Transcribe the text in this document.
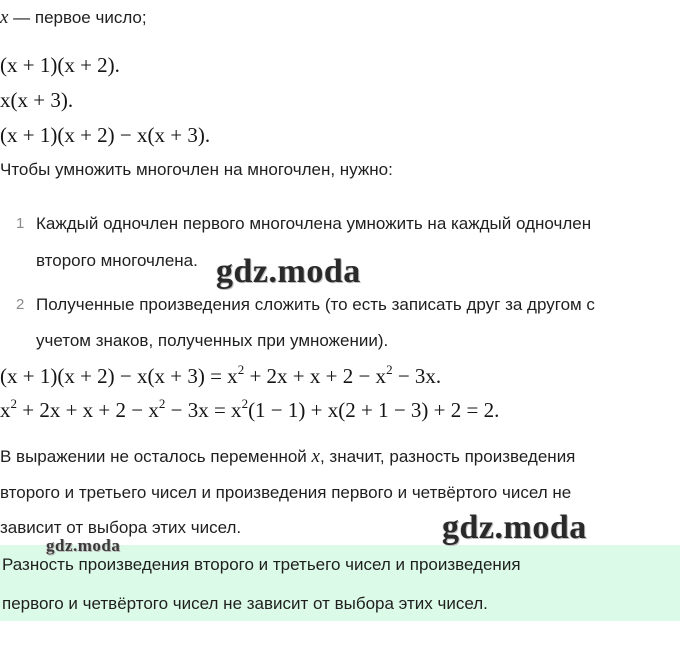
x — первое число;
(x + 1)(x + 2).
x(x + 3).
(x + 1)(x + 2) − x(x + 3).
Чтобы умножить многочлен на многочлен, нужно:
1 Каждый одночлен первого многочлена умножить на каждый одночлен
второго многочлена.
2 Полученные произведения сложить (то есть записать друг за другом с
учетом знаков, полученных при умножении).
$(x + 1)(x + 2) - x(x + 3) = x^2 + 2x + x + 2 - x^2 - 3x$.
$x^2 + 2x + x + 2 - x^2 - 3x = x^2(1 - 1) + x(2 + 1 - 3) + 2 = 2$.
В выражении не осталось переменной x, значит, разность произведения
второго и третьего чисел и произведения первого и четвёртого чисел не
зависит от выбора этих чисел.
Разность произведения второго и третьего чисел и произведения
первого и четвёртого чисел не зависит от выбора этих чисел.
gdz.moda
gdz.moda
gdz.moda
